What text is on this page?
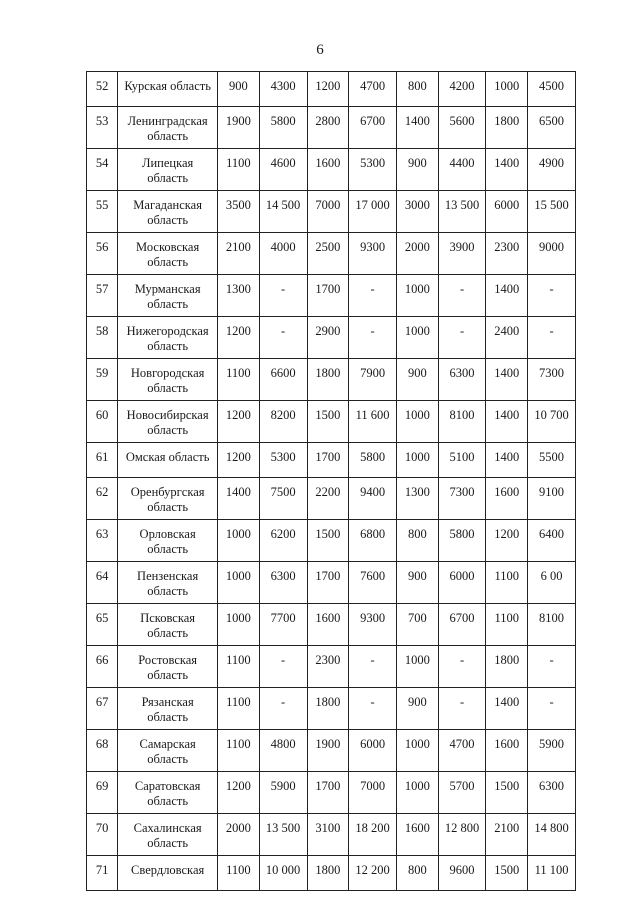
6
52	Курская область	900	4300	1200	4700	800	4200	1000	4500
53	Ленинградская область	1900	5800	2800	6700	1400	5600	1800	6500
54	Липецкая область	1100	4600	1600	5300	900	4400	1400	4900
55	Магаданская область	3500	14 500	7000	17 000	3000	13 500	6000	15 500
56	Московская область	2100	4000	2500	9300	2000	3900	2300	9000
57	Мурманская область	1300	-	1700	-	1000	-	1400	-
58	Нижегородская область	1200	-	2900	-	1000	-	2400	-
59	Новгородская область	1100	6600	1800	7900	900	6300	1400	7300
60	Новосибирская область	1200	8200	1500	11 600	1000	8100	1400	10 700
61	Омская область	1200	5300	1700	5800	1000	5100	1400	5500
62	Оренбургская область	1400	7500	2200	9400	1300	7300	1600	9100
63	Орловская область	1000	6200	1500	6800	800	5800	1200	6400
64	Пензенская область	1000	6300	1700	7600	900	6000	1100	6 00
65	Псковская область	1000	7700	1600	9300	700	6700	1100	8100
66	Ростовская область	1100	-	2300	-	1000	-	1800	-
67	Рязанская область	1100	-	1800	-	900	-	1400	-
68	Самарская область	1100	4800	1900	6000	1000	4700	1600	5900
69	Саратовская область	1200	5900	1700	7000	1000	5700	1500	6300
70	Сахалинская область	2000	13 500	3100	18 200	1600	12 800	2100	14 800
71	Свердловская	1100	10 000	1800	12 200	800	9600	1500	11 100
